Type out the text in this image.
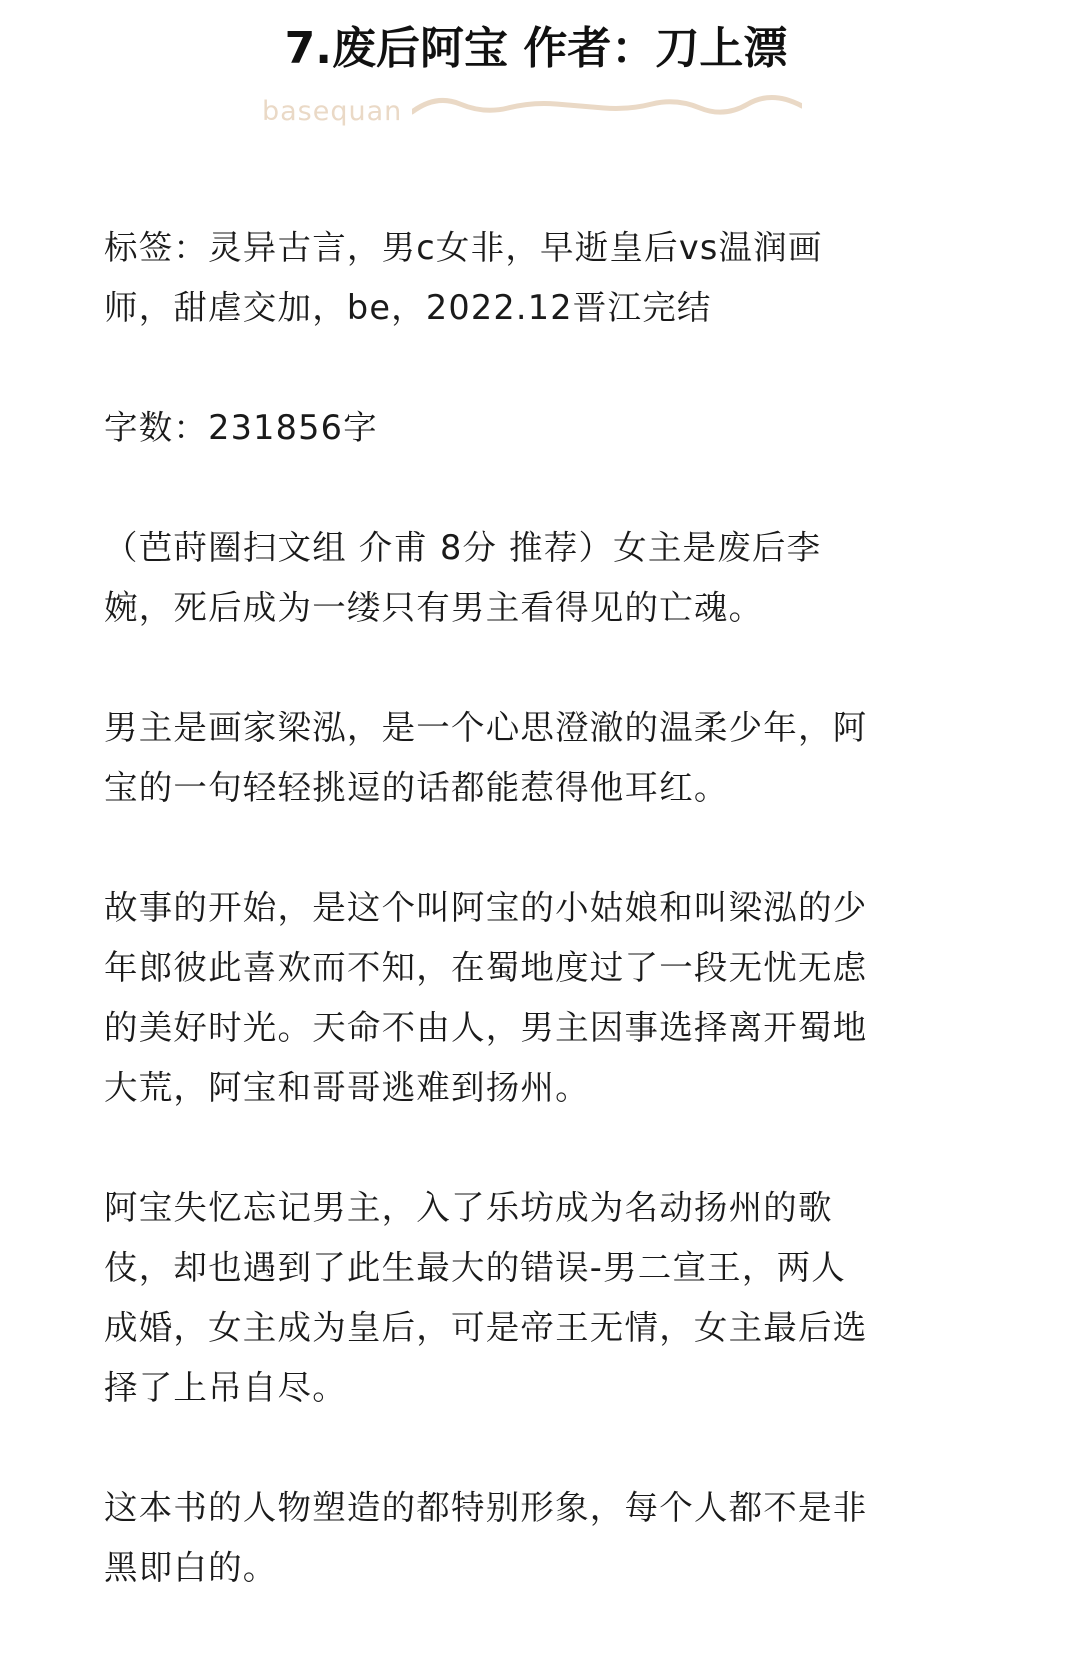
7.废后阿宝 作者：刀上漂
basequan

标签：灵异古言，男c女非，早逝皇后vs温润画
师，甜虐交加，be，2022.12晋江完结

字数：231856字

（芭莳圈扫文组 介甫 8分 推荐）女主是废后李
婉，死后成为一缕只有男主看得见的亡魂。

男主是画家梁泓，是一个心思澄澈的温柔少年，阿
宝的一句轻轻挑逗的话都能惹得他耳红。

故事的开始，是这个叫阿宝的小姑娘和叫梁泓的少
年郎彼此喜欢而不知，在蜀地度过了一段无忧无虑
的美好时光。天命不由人，男主因事选择离开蜀地
大荒，阿宝和哥哥逃难到扬州。

阿宝失忆忘记男主，入了乐坊成为名动扬州的歌
伎，却也遇到了此生最大的错误-男二宣王，两人
成婚，女主成为皇后，可是帝王无情，女主最后选
择了上吊自尽。

这本书的人物塑造的都特别形象，每个人都不是非
黑即白的。
